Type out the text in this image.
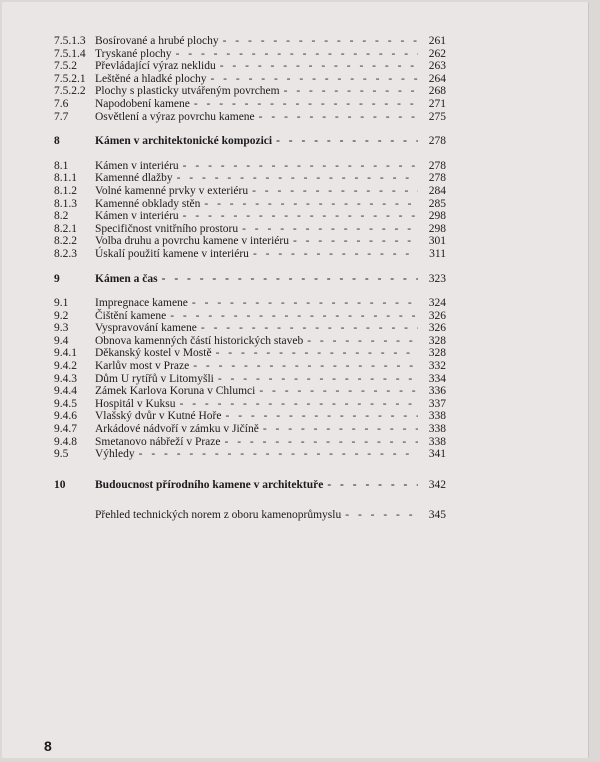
7.5.1.3 Bosírované a hrubé plochy - - -	261
7.5.1.4 Tryskané plochy - - -	262
7.5.2	Převládající výraz neklidu - - -	263
7.5.2.1 Leštěné a hladké plochy - - -	264
7.5.2.2 Plochy s plasticky utvářeným povrchem - - -	268
7.6	Napodobení kamene - - -	271
7.7	Osvětlení a výraz povrchu kamene - - -	275
8	Kámen v architektonické kompozici - - -	278
8.1	Kámen v interiéru - - -	278
8.1.1	Kamenné dlažby - - -	278
8.1.2	Volné kamenné prvky v exteriéru - - -	284
8.1.3	Kamenné obklady stěn - - -	285
8.2	Kámen v interiéru - - -	298
8.2.1	Specifičnost vnitřního prostoru - - -	298
8.2.2	Volba druhu a povrchu kamene v interiéru - - -	301
8.2.3	Úskalí použití kamene v interiéru - - -	311
9	Kámen a čas - - -	323
9.1	Impregnace kamene - - -	324
9.2	Čištění kamene - - -	326
9.3	Vyspravování kamene - - -	326
9.4	Obnova kamenných částí historických staveb - - -	328
9.4.1	Děkanský kostel v Mostě - - -	328
9.4.2	Karlův most v Praze - - -	332
9.4.3	Dům U rytířů v Litomyšli - - -	334
9.4.4	Zámek Karlova Koruna v Chlumci - - -	336
9.4.5	Hospitál v Kuksu - - -	337
9.4.6	Vlašský dvůr v Kutné Hoře - - -	338
9.4.7	Arkádové nádvoří v zámku v Jičíně - - -	338
9.4.8	Smetanovo nábřeží v Praze - - -	338
9.5	Výhledy - - -	341
10	Budoucnost přírodního kamene v architektuře - - -	342
Přehled technických norem z oboru kamenoprůmyslu - - -	345
8
